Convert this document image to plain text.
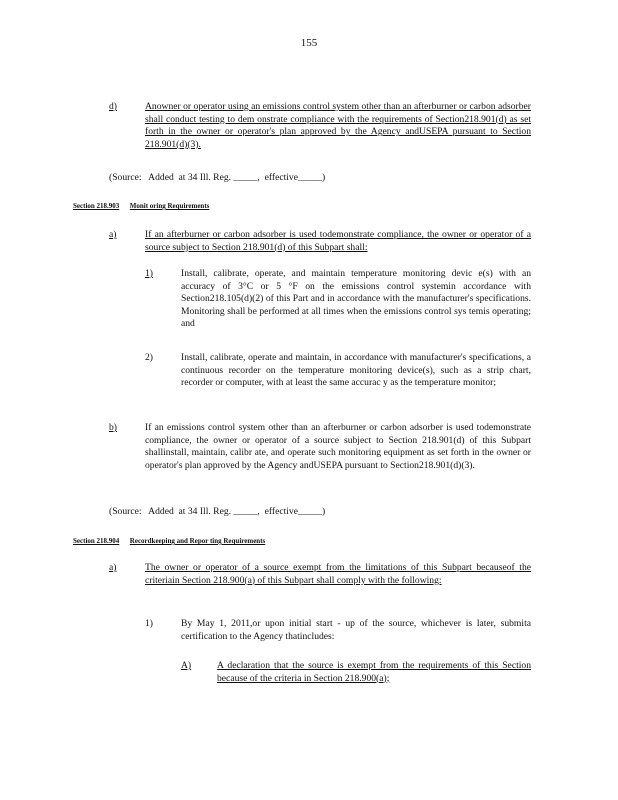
155
d)	Anowner or operator using an emissions control system other than an afterburner or carbon adsorber shall conduct testing to dem onstrate compliance with the requirements of Section218.901(d) as set forth in the owner or operator's plan approved by the Agency andUSEPA pursuant to Section 218.901(d)(3).
(Source:   Added  at 34 Ill. Reg. _____,  effective_____)
Section 218.903 Monit oring Requirements
a)	If an afterburner or carbon adsorber is used todemonstrate compliance, the owner or operator of a source subject to Section 218.901(d) of this Subpart shall:
1)	Install, calibrate, operate, and maintain temperature monitoring devic e(s) with an accuracy of 3°C or 5 °F on the emissions control systemin accordance with Section218.105(d)(2) of this Part and in accordance with the manufacturer's specifications. Monitoring shall be performed at all times when the emissions control sys temis operating; and
2)	Install, calibrate, operate and maintain, in accordance with manufacturer's specifications, a continuous recorder on the temperature monitoring device(s), such as a strip chart, recorder or computer, with at least the same accurac y as the temperature monitor;
b)	If an emissions control system other than an afterburner or carbon adsorber is used todemonstrate compliance, the owner or operator of a source subject to Section 218.901(d) of this Subpart shallinstall, maintain, calibr ate, and operate such monitoring equipment as set forth in the owner or operator's plan approved by the Agency andUSEPA pursuant to Section218.901(d)(3).
(Source:   Added  at 34 Ill. Reg. _____,  effective_____)
Section 218.904 Recordkeeping and Repor ting Requirements
a)	The owner or operator of a source exempt from the limitations of this Subpart becauseof the criteriain Section 218.900(a) of this Subpart shall comply with the following:
1)	By May 1, 2011,or upon initial start - up of the source, whichever is later, submita certification to the Agency thatincludes:
A)	A declaration that the source is exempt from the requirements of this Section because of the criteria in Section 218.900(a);
